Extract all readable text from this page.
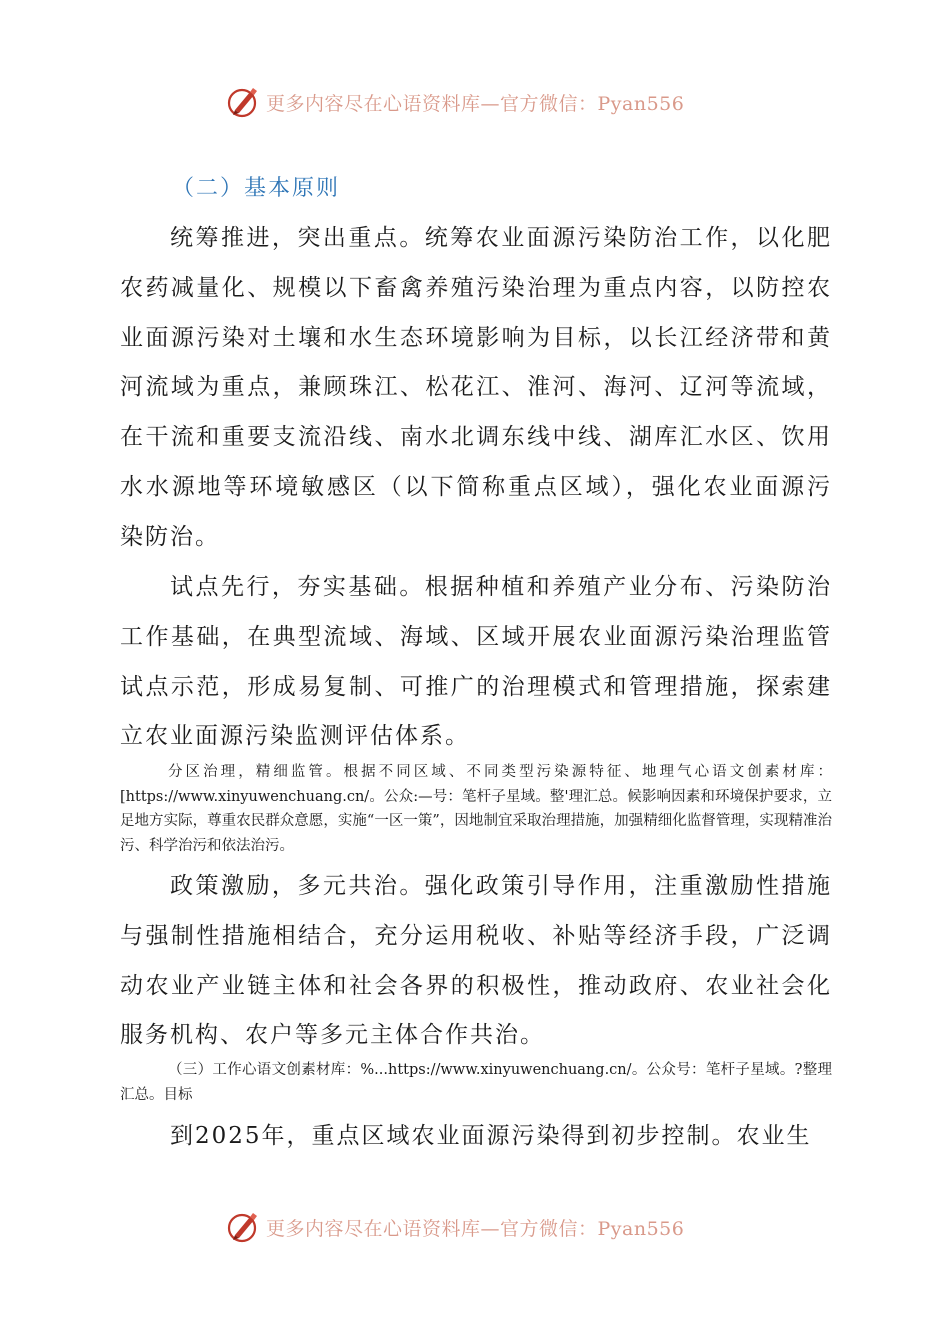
更多内容尽在心语资料库—官方微信：Pyan556
（二）基本原则

统筹推进，突出重点。统筹农业面源污染防治工作，以化肥农药减量化、规模以下畜禽养殖污染治理为重点内容，以防控农业面源污染对土壤和水生态环境影响为目标，以长江经济带和黄河流域为重点，兼顾珠江、松花江、淮河、海河、辽河等流域，在干流和重要支流沿线、南水北调东线中线、湖库汇水区、饮用水水源地等环境敏感区（以下简称重点区域），强化农业面源污染防治。

试点先行，夯实基础。根据种植和养殖产业分布、污染防治工作基础，在典型流域、海域、区域开展农业面源污染治理监管试点示范，形成易复制、可推广的治理模式和管理措施，探索建立农业面源污染监测评估体系。

分区治理，精细监管。根据不同区域、不同类型污染源特征、地理气心语文创素材库：[https://www.xinyuwenchuang.cn/。公众:—号：笔杆子星域。整'理汇总。候影响因素和环境保护要求，立足地方实际，尊重农民群众意愿，实施“一区一策”，因地制宜采取治理措施，加强精细化监督管理，实现精准治污、科学治污和依法治污。

政策激励，多元共治。强化政策引导作用，注重激励性措施与强制性措施相结合，充分运用税收、补贴等经济手段，广泛调动农业产业链主体和社会各界的积极性，推动政府、农业社会化服务机构、农户等多元主体合作共治。

（三）工作心语文创素材库：%...https://www.xinyuwenchuang.cn/。公众号：笔杆子星域。?整理汇总。目标

到2025年，重点区域农业面源污染得到初步控制。农业生

更多内容尽在心语资料库—官方微信：Pyan556
